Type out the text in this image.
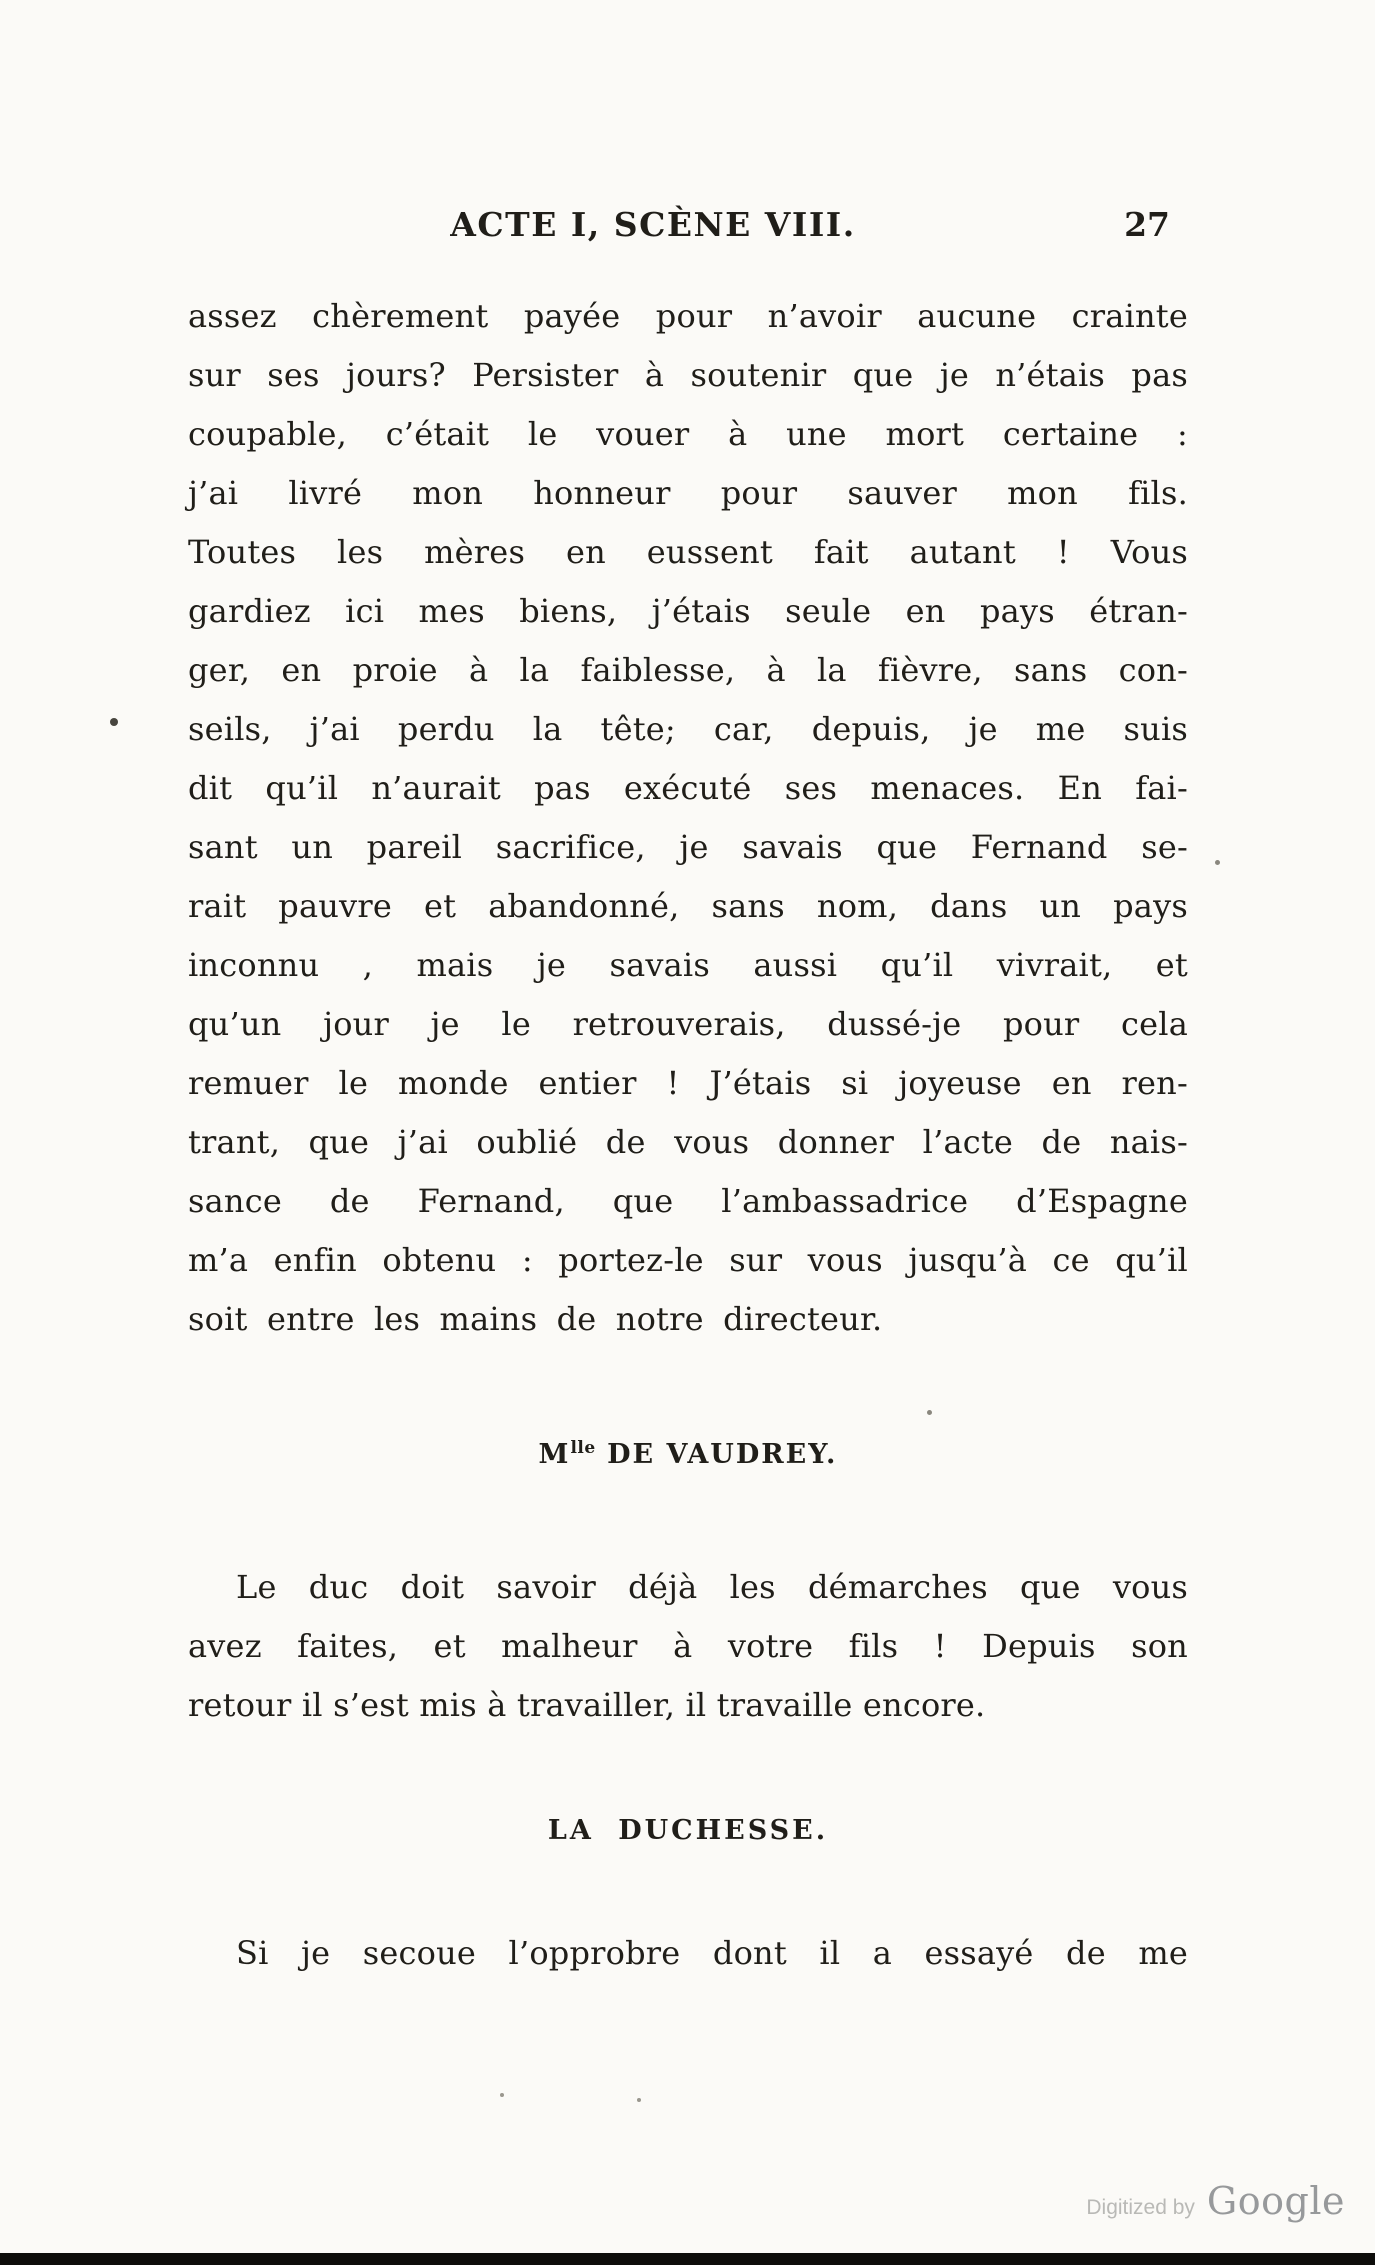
ACTE I, SCÈNE VIII.	27
assez chèrement payée pour n’avoir aucune crainte
sur ses jours? Persister à soutenir que je n’étais pas
coupable, c’était le vouer à une mort certaine :
j’ai livré mon honneur pour sauver mon fils.
Toutes les mères en eussent fait autant ! Vous
gardiez ici mes biens, j’étais seule en pays étran-
ger, en proie à la faiblesse, à la fièvre, sans con-
seils, j’ai perdu la tête; car, depuis, je me suis
dit qu’il n’aurait pas exécuté ses menaces. En fai-
sant un pareil sacrifice, je savais que Fernand se-
rait pauvre et abandonné, sans nom, dans un pays
inconnu , mais je savais aussi qu’il vivrait, et
qu’un jour je le retrouverais, dussé-je pour cela
remuer le monde entier ! J’étais si joyeuse en ren-
trant, que j’ai oublié de vous donner l’acte de nais-
sance de Fernand, que l’ambassadrice d’Espagne
m’a enfin obtenu : portez-le sur vous jusqu’à ce qu’il
soit entre les mains de notre directeur.
$M^{lle}$ DE VAUDREY.
Le duc doit savoir déjà les démarches que vous
avez faites, et malheur à votre fils ! Depuis son
retour il s’est mis à travailler, il travaille encore.
LA DUCHESSE.
Si je secoue l’opprobre dont il a essayé de me
Digitized by Google
